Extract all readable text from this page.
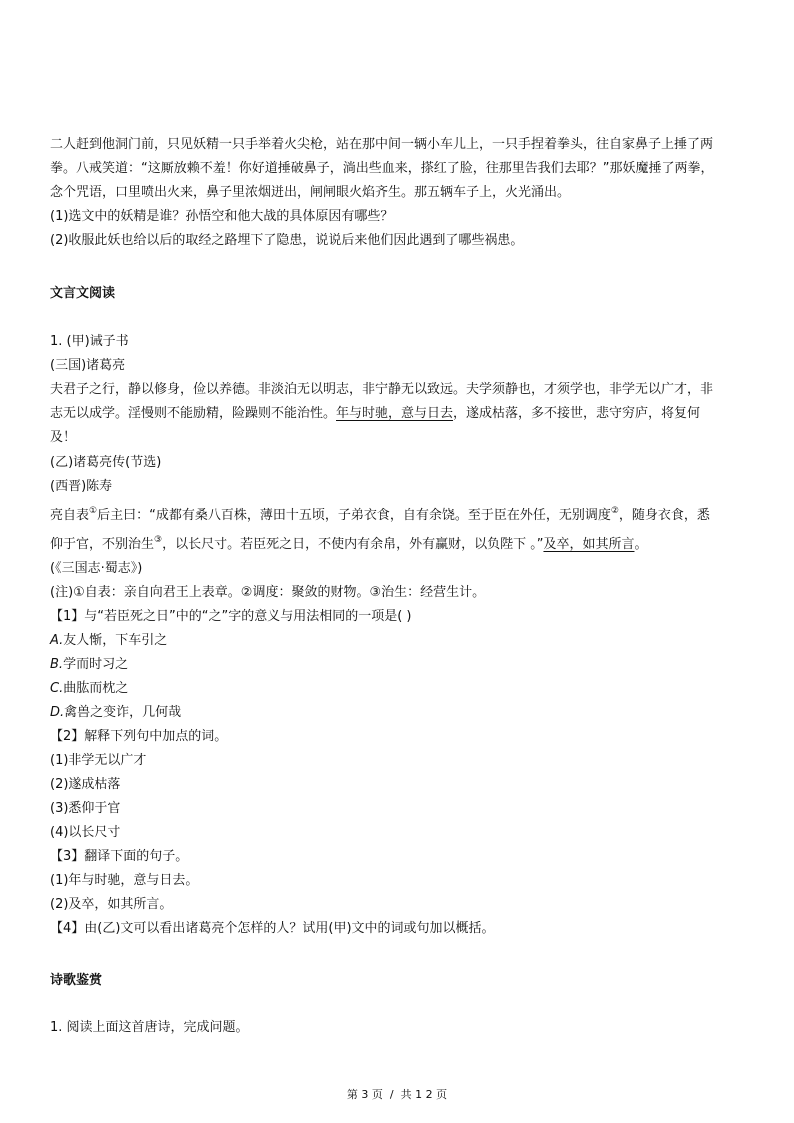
二人赶到他洞门前，只见妖精一只手举着火尖枪，站在那中间一辆小车儿上，一只手捏着拳头，往自家鼻子上捶了两
拳。八戒笑道：“这厮放赖不羞！你好道捶破鼻子，淌出些血来，搽红了脸，往那里告我们去耶？”那妖魔捶了两拳，
念个咒语，口里喷出火来，鼻子里浓烟迸出，闸闸眼火焰齐生。那五辆车子上，火光涌出。
(1)选文中的妖精是谁？孙悟空和他大战的具体原因有哪些？
(2)收服此妖也给以后的取经之路埋下了隐患，说说后来他们因此遇到了哪些祸患。
文言文阅读
1. (甲)诫子书
(三国)诸葛亮
夫君子之行，静以修身，俭以养德。非淡泊无以明志，非宁静无以致远。夫学须静也，才须学也，非学无以广才，非
志无以成学。淫慢则不能励精，险躁则不能治性。年与时驰，意与日去，遂成枯落，多不接世，悲守穷庐，将复何
及！
(乙)诸葛亮传(节选)
(西晋)陈寿
亮自表①后主曰：“成都有桑八百株，薄田十五顷，子弟衣食，自有余饶。至于臣在外任，无别调度②，随身衣食，悉
仰于官，不别治生③，以长尺寸。若臣死之日，不使内有余帛，外有赢财，以负陛下 。”及卒，如其所言。
(《三国志·蜀志》)
(注)①自表：亲自向君王上表章。②调度：聚敛的财物。③治生：经营生计。
【1】与“若臣死之日”中的“之”字的意义与用法相同的一项是( )
A.友人惭，下车引之
B.学而时习之
C.曲肱而枕之
D.禽兽之变诈，几何哉
【2】解释下列句中加点的词。
(1)非学无以广才
(2)遂成枯落
(3)悉仰于官
(4)以长尺寸
【3】翻译下面的句子。
(1)年与时驰，意与日去。
(2)及卒，如其所言。
【4】由(乙)文可以看出诸葛亮个怎样的人？试用(甲)文中的词或句加以概括。
诗歌鉴赏
1. 阅读上面这首唐诗，完成问题。
第 3 页  /  共 1 2 页
